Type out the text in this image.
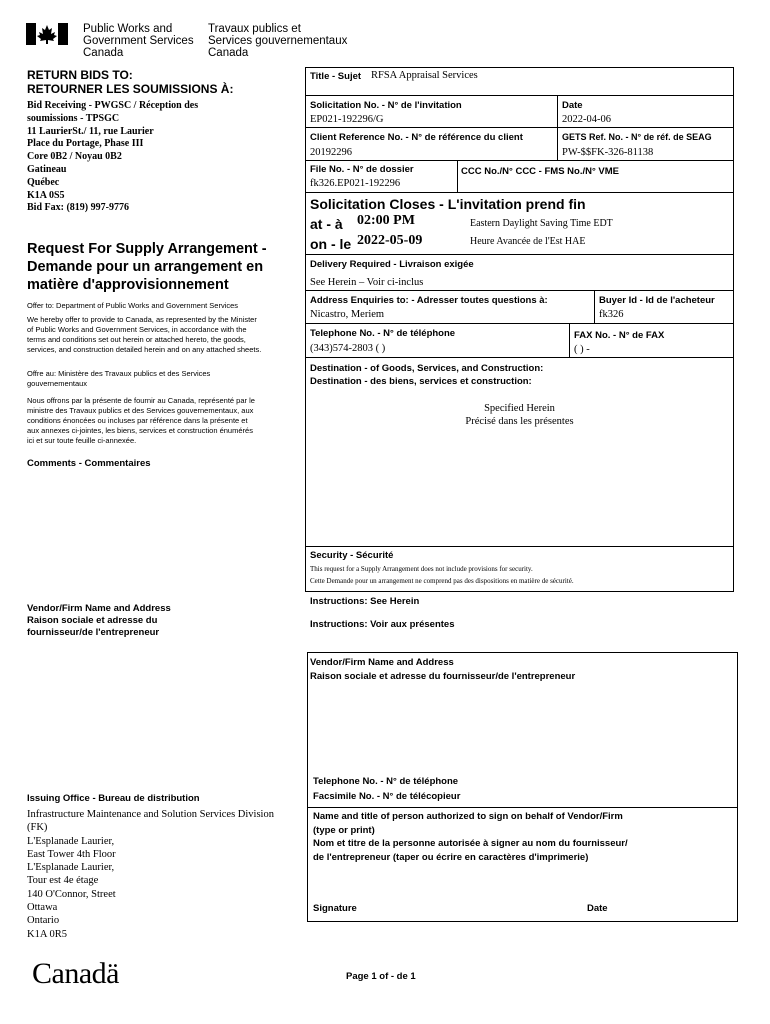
Public Works and
Government Services
Canada
Travaux publics et
Services gouvernementaux
Canada
RETURN BIDS TO:
RETOURNER LES SOUMISSIONS À:
Bid Receiving - PWGSC / Réception des
soumissions - TPSGC
11 LaurierSt./ 11, rue Laurier
Place du Portage, Phase III
Core 0B2 / Noyau 0B2
Gatineau
Québec
K1A 0S5
Bid Fax: (819) 997-9776
Request For Supply Arrangement -
Demande pour un arrangement en
matière d'approvisionnement
Offer to: Department of Public Works and Government Services
We hereby offer to provide to Canada, as represented by the Minister
of Public Works and Government Services, in accordance with the
terms and conditions set out herein or attached hereto, the goods,
services, and construction detailed herein and on any attached sheets.
Offre au: Ministère des Travaux publics et des Services
gouvernementaux
Nous offrons par la présente de fournir au Canada, représenté par le
ministre des Travaux publics et des Services gouvernementaux, aux
conditions énoncées ou incluses par référence dans la présente et
aux annexes ci-jointes, les biens, services et construction énumérés
ici et sur toute feuille ci-annexée.
Comments - Commentaires
Vendor/Firm Name and Address
Raison sociale et adresse du
fournisseur/de l'entrepreneur
Issuing Office - Bureau de distribution
Infrastructure Maintenance and Solution Services Division
(FK)
L'Esplanade Laurier,
East Tower 4th Floor
L'Esplanade Laurier,
Tour est 4e étage
140 O'Connor, Street
Ottawa
Ontario
K1A 0R5
Title - Sujet RFSA Appraisal Services
Solicitation No. - N° de l'invitation
EP021-192296/G
Date
2022-04-06
Client Reference No. - N° de référence du client
20192296
GETS Ref. No. - N° de réf. de SEAG
PW-$$FK-326-81138
File No. - N° de dossier
fk326.EP021-192296
CCC No./N° CCC - FMS No./N° VME
Solicitation Closes - L'invitation prend fin
at - à 02:00 PM	Eastern Daylight Saving Time EDT
on - le 2022-05-09	Heure Avancée de l'Est HAE
Delivery Required - Livraison exigée
See Herein – Voir ci-inclus
Address Enquiries to: - Adresser toutes questions à:
Nicastro, Meriem
Buyer Id - Id de l'acheteur
fk326
Telephone No. - N° de téléphone
(343)574-2803 ( )
FAX No. - N° de FAX
( ) -
Destination - of Goods, Services, and Construction:
Destination - des biens, services et construction:
Specified Herein
Précisé dans les présentes
Security - Sécurité
This request for a Supply Arrangement does not include provisions for security.
Cette Demande pour un arrangement ne comprend pas des dispositions en matière de sécurité.
Instructions: See Herein
Instructions: Voir aux présentes
Vendor/Firm Name and Address
Raison sociale et adresse du fournisseur/de l'entrepreneur
Telephone No. - N° de téléphone
Facsimile No. - N° de télécopieur
Name and title of person authorized to sign on behalf of Vendor/Firm
(type or print)
Nom et titre de la personne autorisée à signer au nom du fournisseur/
de l'entrepreneur (taper ou écrire en caractères d'imprimerie)
Signature	Date
Canadä	Page 1 of - de 1
